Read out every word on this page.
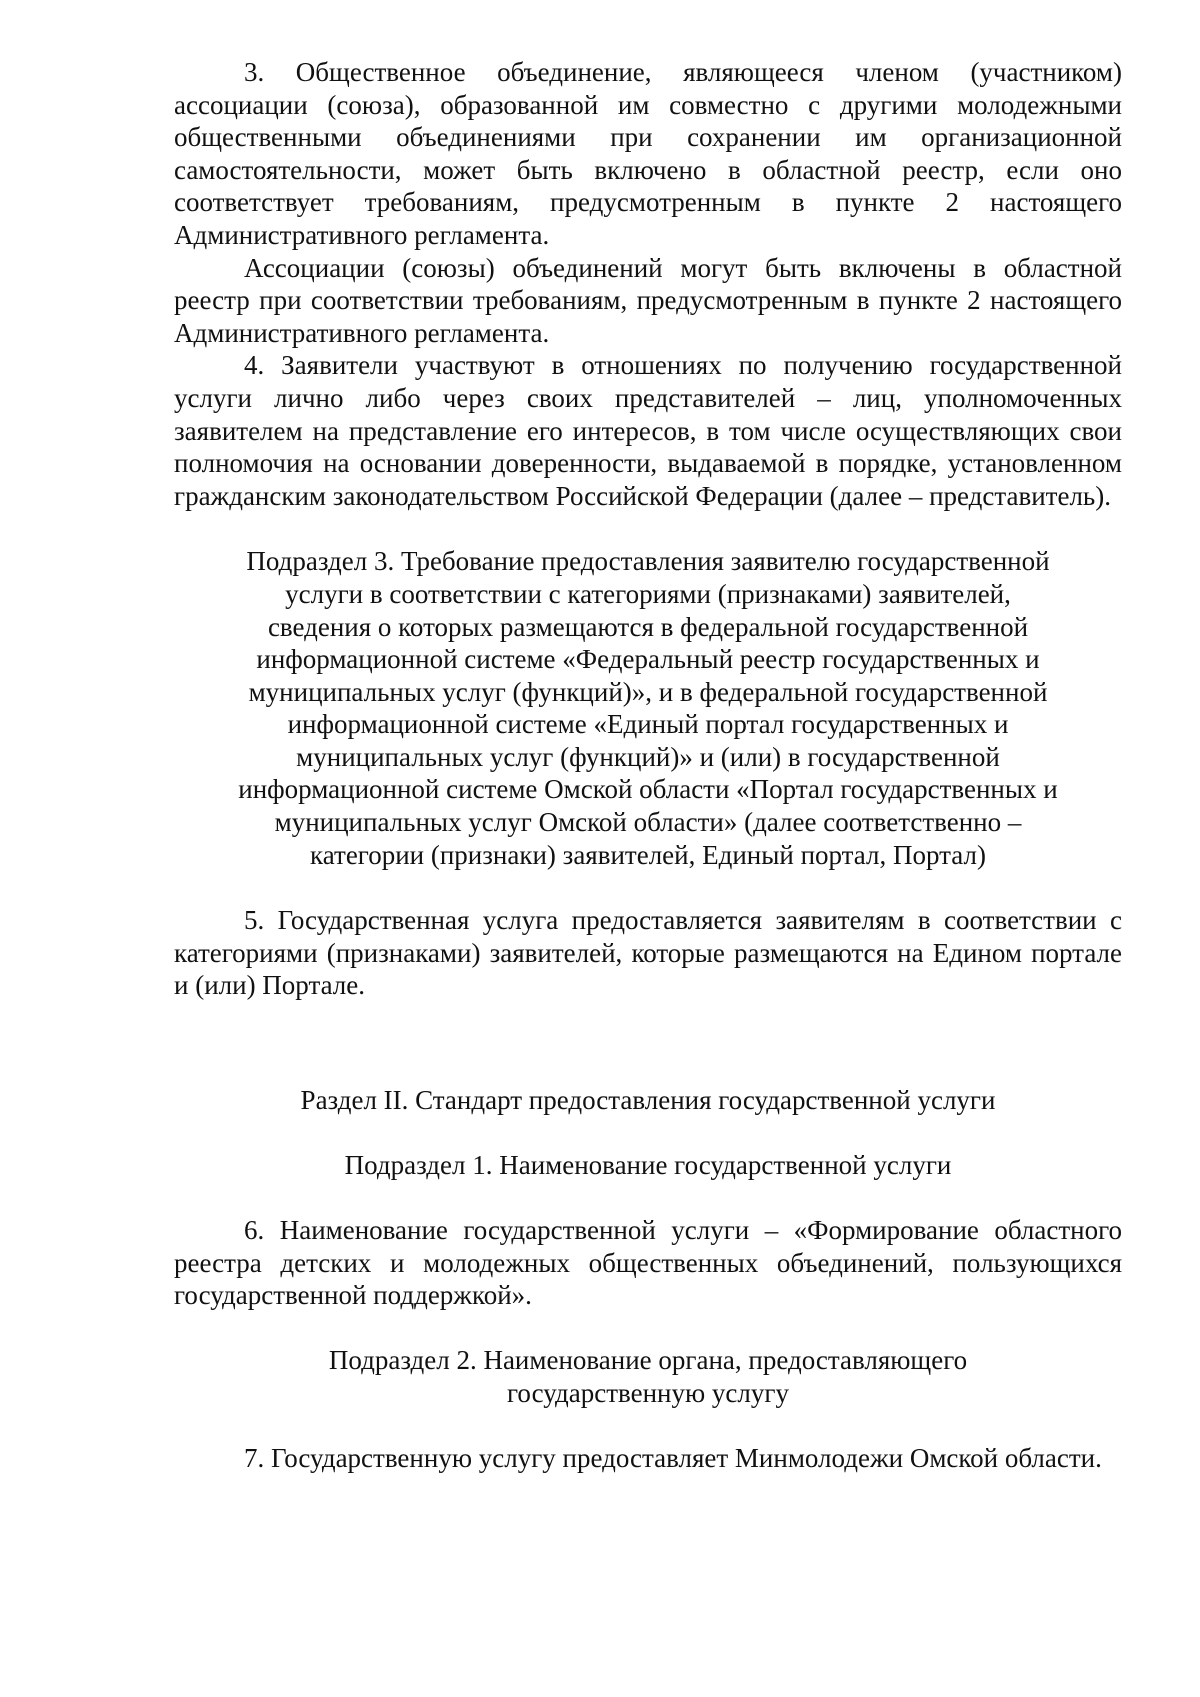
3. Общественное объединение, являющееся членом (участником) ассоциации (союза), образованной им совместно с другими молодежными общественными объединениями при сохранении им организационной самостоятельности, может быть включено в областной реестр, если оно соответствует требованиям, предусмотренным в пункте 2 настоящего Административного регламента.

Ассоциации (союзы) объединений могут быть включены в областной реестр при соответствии требованиям, предусмотренным в пункте 2 настоящего Административного регламента.

4. Заявители участвуют в отношениях по получению государственной услуги лично либо через своих представителей – лиц, уполномоченных заявителем на представление его интересов, в том числе осуществляющих свои полномочия на основании доверенности, выдаваемой в порядке, установленном гражданским законодательством Российской Федерации (далее – представитель).

Подраздел 3. Требование предоставления заявителю государственной услуги в соответствии с категориями (признаками) заявителей, сведения о которых размещаются в федеральной государственной информационной системе «Федеральный реестр государственных и муниципальных услуг (функций)», и в федеральной государственной информационной системе «Единый портал государственных и муниципальных услуг (функций)» и (или) в государственной информационной системе Омской области «Портал государственных и муниципальных услуг Омской области» (далее соответственно – категории (признаки) заявителей, Единый портал, Портал)

5. Государственная услуга предоставляется заявителям в соответствии с категориями (признаками) заявителей, которые размещаются на Едином портале и (или) Портале.

Раздел II. Стандарт предоставления государственной услуги

Подраздел 1. Наименование государственной услуги

6. Наименование государственной услуги – «Формирование областного реестра детских и молодежных общественных объединений, пользующихся государственной поддержкой».

Подраздел 2. Наименование органа, предоставляющего государственную услугу

7. Государственную услугу предоставляет Минмолодежи Омской области.
